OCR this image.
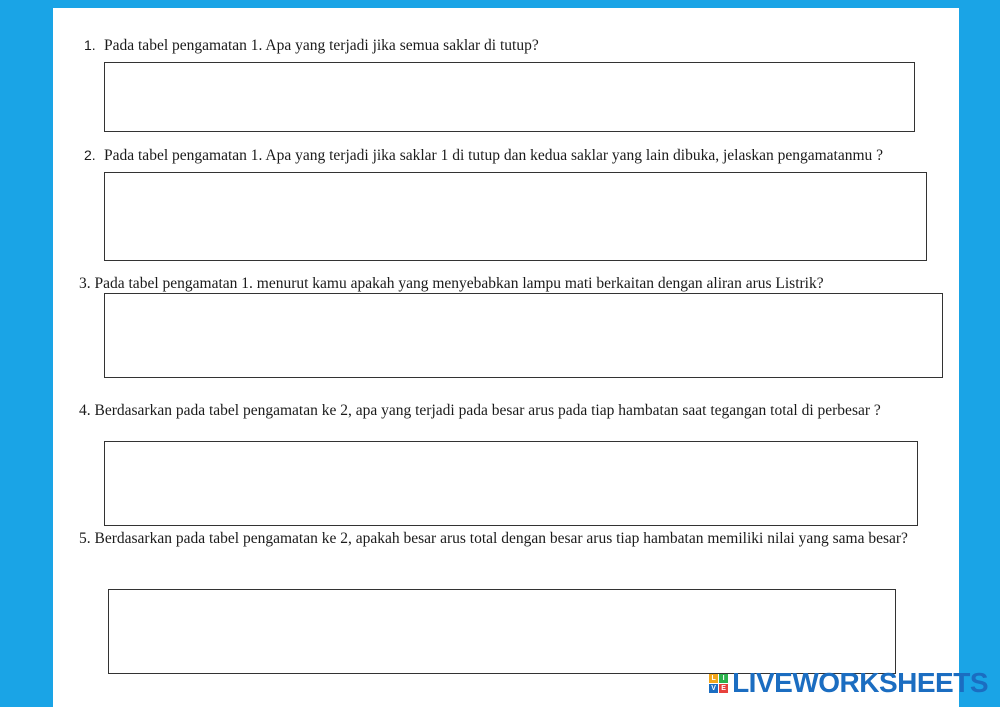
1. Pada tabel pengamatan 1. Apa yang terjadi jika semua saklar di tutup?

2. Pada tabel pengamatan 1. Apa yang terjadi jika saklar 1 di tutup dan kedua saklar yang lain dibuka, jelaskan pengamatanmu ?

3. Pada tabel pengamatan 1. menurut kamu apakah yang menyebabkan lampu mati berkaitan dengan aliran arus Listrik?

4. Berdasarkan pada tabel pengamatan ke 2, apa yang terjadi pada besar arus pada tiap hambatan saat tegangan total di perbesar ?

5. Berdasarkan pada tabel pengamatan ke 2, apakah besar arus total dengan besar arus tiap hambatan memiliki nilai yang sama besar?

L I
V E LIVEWORKSHEETS
